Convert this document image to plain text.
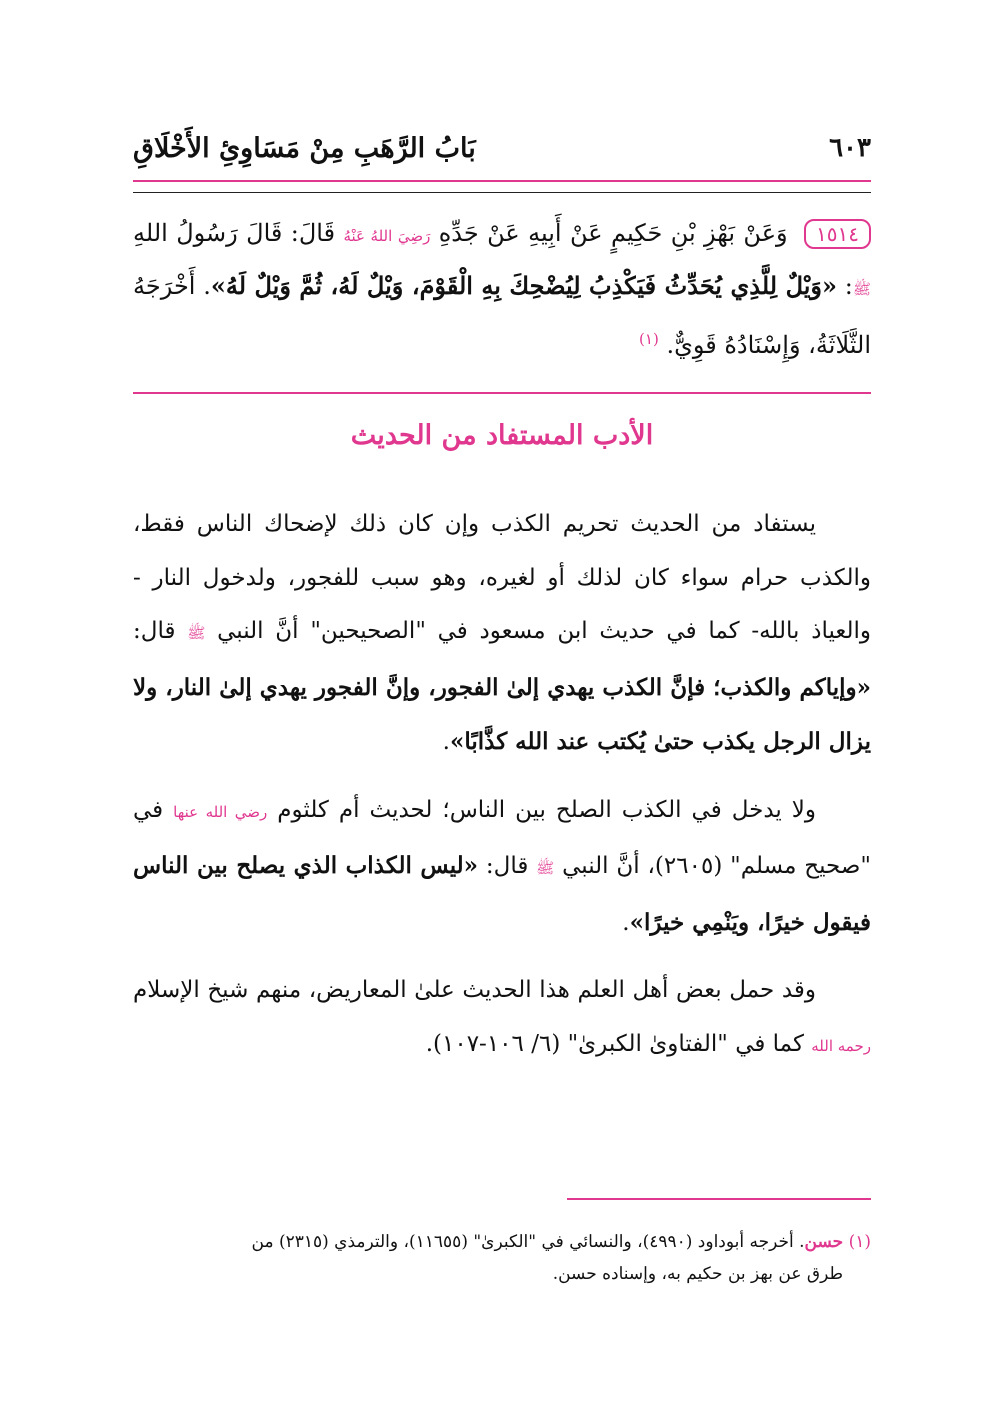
بَابُ الرَّهَبِ مِنْ مَسَاوِئِ الأَخْلَاقِ	٦٠٣
١٥١٤ وَعَنْ بَهْزِ بْنِ حَكِيمٍ عَنْ أَبِيهِ عَنْ جَدِّهِ رَضِيَ اللهُ عَنْهُ قَالَ: قَالَ رَسُولُ اللهِ ﷺ: «وَيْلٌ لِلَّذِي يُحَدِّثُ فَيَكْذِبُ لِيُضْحِكَ بِهِ الْقَوْمَ، وَيْلٌ لَهُ، ثُمَّ وَيْلٌ لَهُ». أَخْرَجَهُ الثَّلَاثَةُ، وَإِسْنَادُهُ قَوِيٌّ. $^{(١)}$
الأدب المستفاد من الحديث

يستفاد من الحديث تحريم الكذب وإن كان ذلك لإضحاك الناس فقط، والكذب حرام سواء كان لذلك أو لغيره، وهو سبب للفجور، ولدخول النار - والعياذ بالله- كما في حديث ابن مسعود في "الصحيحين" أنَّ النبي ﷺ قال: «وإياكم والكذب؛ فإنَّ الكذب يهدي إلىٰ الفجور، وإنَّ الفجور يهدي إلىٰ النار، ولا يزال الرجل يكذب حتىٰ يُكتب عند الله كذَّابًا».

ولا يدخل في الكذب الصلح بين الناس؛ لحديث أم كلثوم رضي الله عنها في "صحيح مسلم" (٢٦٠٥)، أنَّ النبي ﷺ قال: «ليس الكذاب الذي يصلح بين الناس فيقول خيرًا، ويَنْمِي خيرًا».

وقد حمل بعض أهل العلم هذا الحديث علىٰ المعاريض، منهم شيخ الإسلام رحمه الله كما في "الفتاوىٰ الكبرىٰ" (٦/ ١٠٦-١٠٧).

(١) حسن. أخرجه أبوداود (٤٩٩٠)، والنسائي في "الكبرىٰ" (١١٦٥٥)، والترمذي (٢٣١٥) من
طرق عن بهز بن حكيم به، وإسناده حسن.
